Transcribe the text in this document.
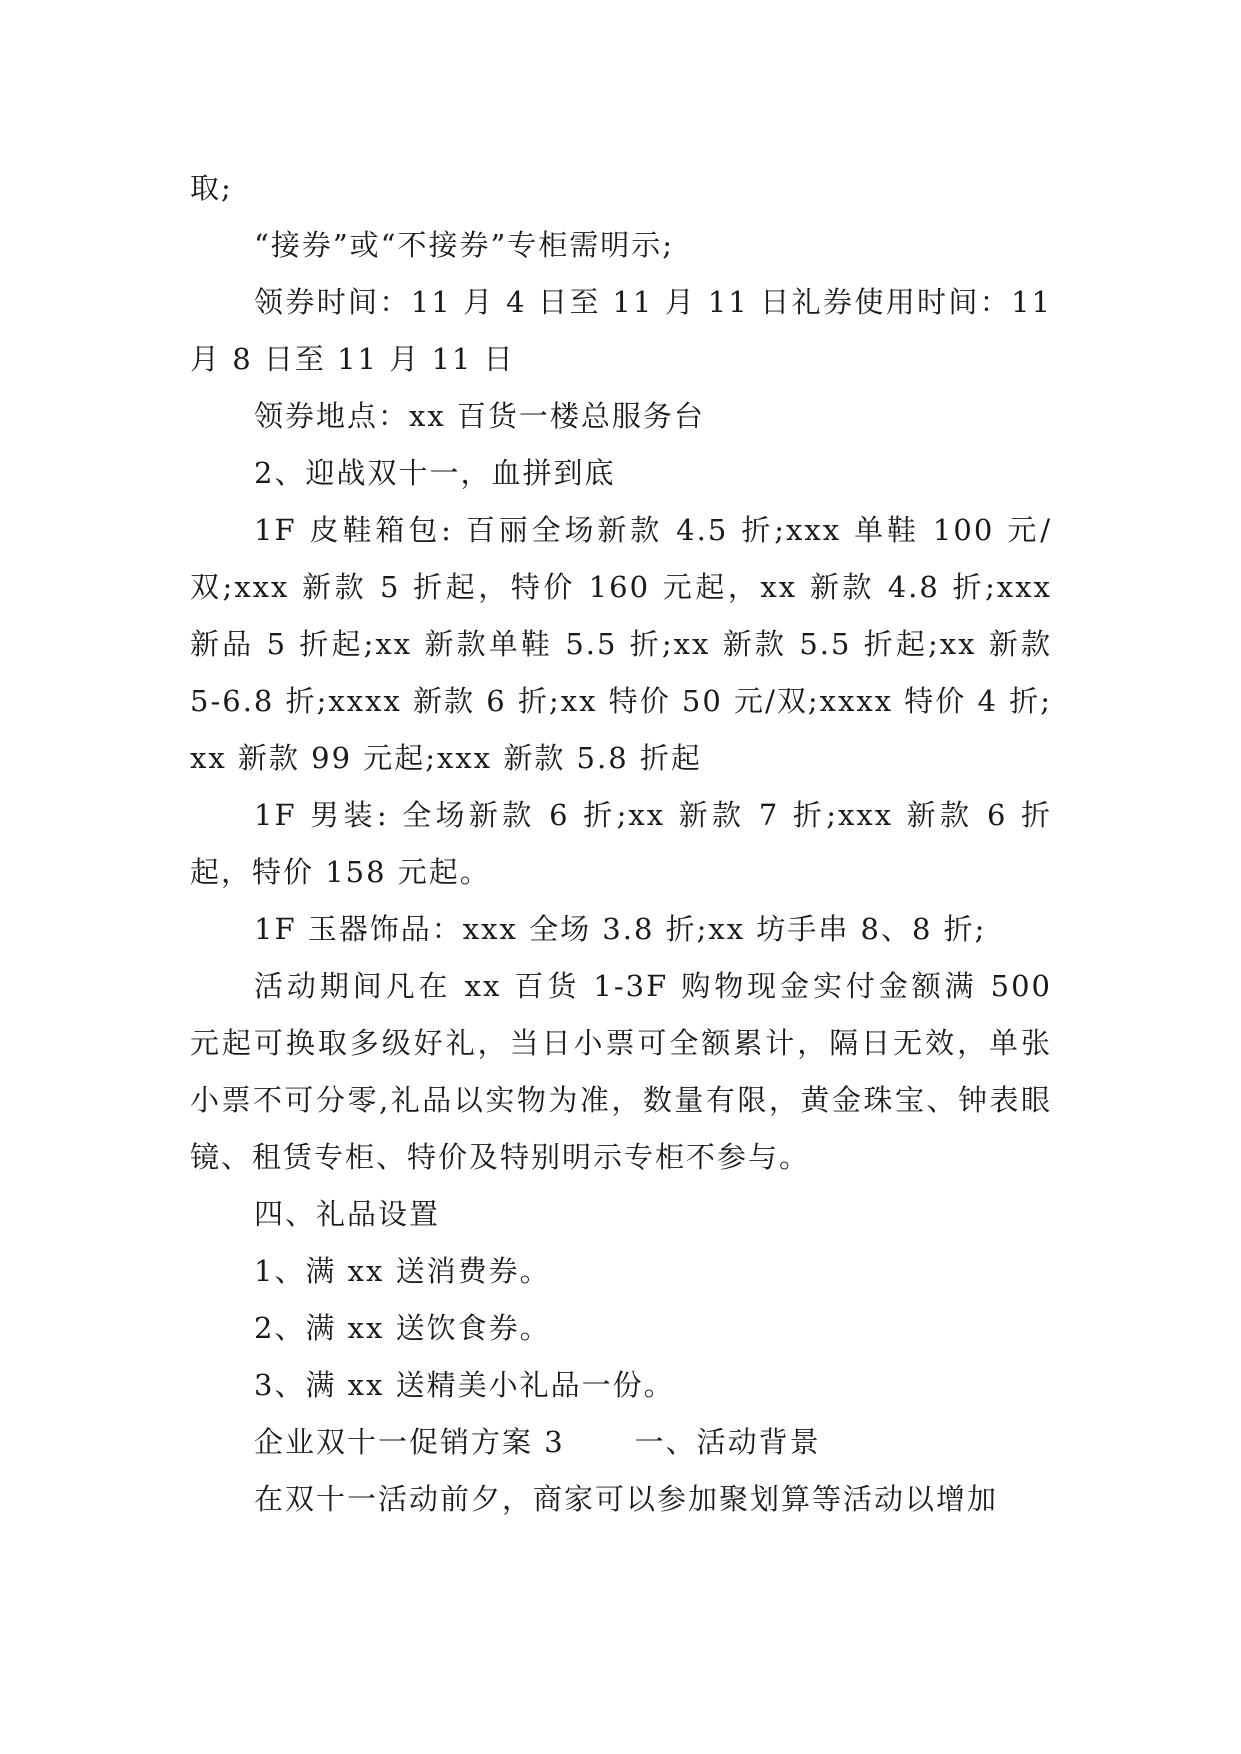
取;

“接券”或“不接券”专柜需明示;

领券时间：11 月 4 日至 11 月 11 日礼券使用时间：11 月 8 日至 11 月 11 日

领券地点：xx 百货一楼总服务台

2、迎战双十一，血拼到底

1F 皮鞋箱包: 百丽全场新款 4.5 折;xxx 单鞋 100 元/双;xxx 新款 5 折起，特价 160 元起，xx 新款 4.8 折;xxx 新品 5 折起;xx 新款单鞋 5.5 折;xx 新款 5.5 折起;xx 新款 5-6.8 折;xxxx 新款 6 折;xx 特价 50 元/双;xxxx 特价 4 折;xx 新款 99 元起;xxx 新款 5.8 折起

1F 男装: 全场新款 6 折;xx 新款 7 折;xxx 新款 6 折起，特价 158 元起。

1F 玉器饰品：xxx 全场 3.8 折;xx 坊手串 8、8 折;

活动期间凡在 xx 百货 1-3F 购物现金实付金额满 500 元起可换取多级好礼，当日小票可全额累计，隔日无效，单张小票不可分零,礼品以实物为准，数量有限，黄金珠宝、钟表眼镜、租赁专柜、特价及特别明示专柜不参与。

四、礼品设置

1、满 xx 送消费券。

2、满 xx 送饮食券。

3、满 xx 送精美小礼品一份。

企业双十一促销方案 3 一、活动背景

在双十一活动前夕，商家可以参加聚划算等活动以增加
